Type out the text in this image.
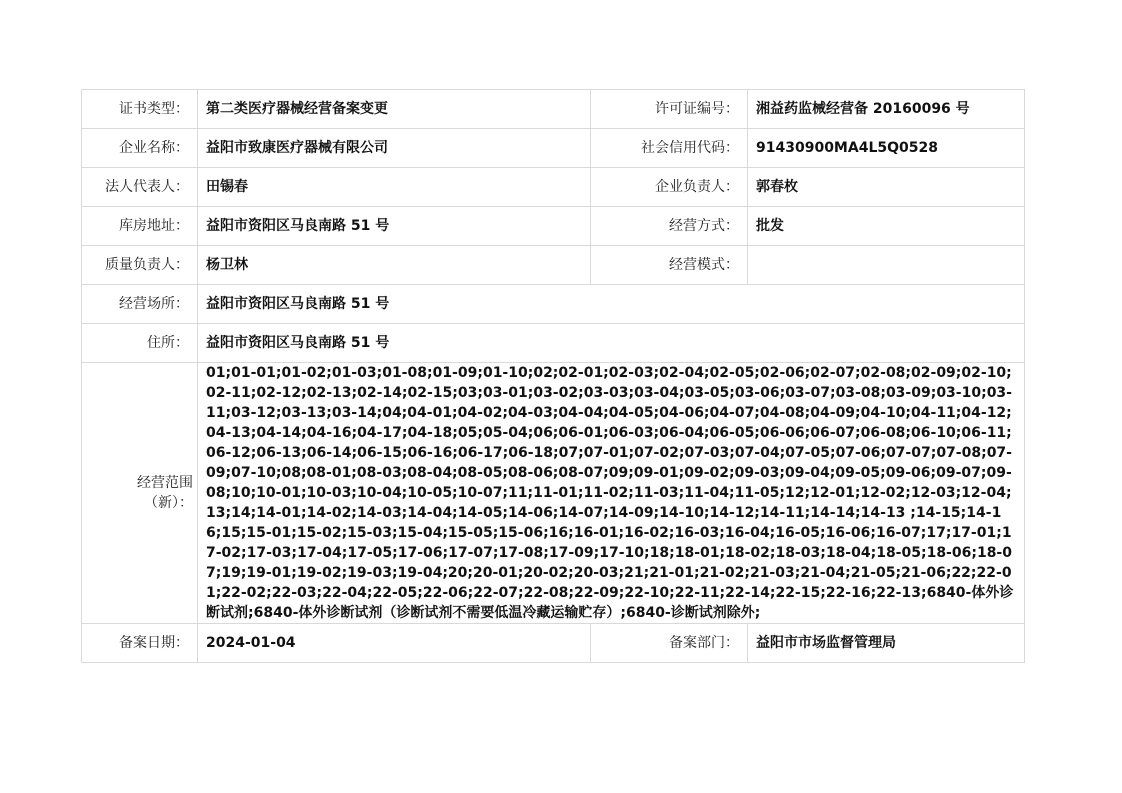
证书类型：	第二类医疗器械经营备案变更	许可证编号：	湘益药监械经营备 20160096 号
企业名称：	益阳市致康医疗器械有限公司	社会信用代码：	91430900MA4L5Q0528
法人代表人：	田锡春	企业负责人：	郭春枚
库房地址：	益阳市资阳区马良南路 51 号	经营方式：	批发
质量负责人：	杨卫林	经营模式：	
经营场所：	益阳市资阳区马良南路 51 号		
住所：	益阳市资阳区马良南路 51 号		
经营范围（新）：	01;01-01;01-02;01-03;01-08;01-09;01-10;02;02-01;02-03;02-04;02-05;02-06;02-07;02-08;02-09;02-10;02-11;02-12;02-13;02-14;02-15;03;03-01;03-02;03-03;03-04;03-05;03-06;03-07;03-08;03-09;03-10;03-11;03-12;03-13;03-14;04;04-01;04-02;04-03;04-04;04-05;04-06;04-07;04-08;04-09;04-10;04-11;04-12;04-13;04-14;04-16;04-17;04-18;05;05-04;06;06-01;06-03;06-04;06-05;06-06;06-07;06-08;06-10;06-11;06-12;06-13;06-14;06-15;06-16;06-17;06-18;07;07-01;07-02;07-03;07-04;07-05;07-06;07-07;07-08;07-09;07-10;08;08-01;08-03;08-04;08-05;08-06;08-07;09;09-01;09-02;09-03;09-04;09-05;09-06;09-07;09-08;10;10-01;10-03;10-04;10-05;10-07;11;11-01;11-02;11-03;11-04;11-05;12;12-01;12-02;12-03;12-04;13;14;14-01;14-02;14-03;14-04;14-05;14-06;14-07;14-09;14-10;14-12;14-11;14-14;14-13 ;14-15;14-16;15;15-01;15-02;15-03;15-04;15-05;15-06;16;16-01;16-02;16-03;16-04;16-05;16-06;16-07;17;17-01;17-02;17-03;17-04;17-05;17-06;17-07;17-08;17-09;17-10;18;18-01;18-02;18-03;18-04;18-05;18-06;18-07;19;19-01;19-02;19-03;19-04;20;20-01;20-02;20-03;21;21-01;21-02;21-03;21-04;21-05;21-06;22;22-01;22-02;22-03;22-04;22-05;22-06;22-07;22-08;22-09;22-10;22-11;22-14;22-15;22-16;22-13;6840-体外诊断试剂;6840-体外诊断试剂（诊断试剂不需要低温冷藏运输贮存）;6840-诊断试剂除外;		
备案日期：	2024-01-04	备案部门：	益阳市市场监督管理局
